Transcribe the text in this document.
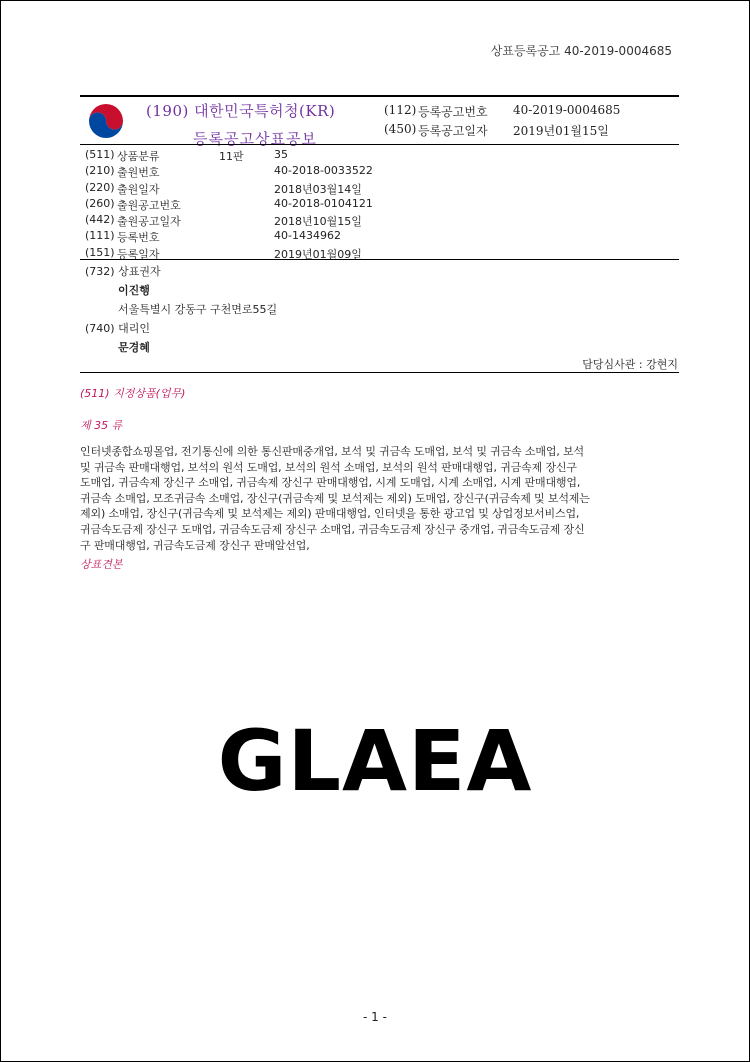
상표등록공고 40-2019-0004685
(190) 대한민국특허청(KR)
등록공고상표공보
(112) 등록공고번호	40-2019-0004685
(450) 등록공고일자	2019년01월15일
(511) 상품분류	11판	35
(210) 출원번호	40-2018-0033522
(220) 출원일자	2018년03월14일
(260) 출원공고번호	40-2018-0104121
(442) 출원공고일자	2018년10월15일
(111) 등록번호	40-1434962
(151) 등록일자	2019년01월09일
(732) 상표권자
이진행
서울특별시 강동구 구천면로55길
(740) 대리인
문경혜
담당심사관 : 강현지
(511) 지정상품(업무)
제 35 류
인터넷종합쇼핑몰업, 전기통신에 의한 통신판매중개업, 보석 및 귀금속 도매업, 보석 및 귀금속 소매업, 보석
및 귀금속 판매대행업, 보석의 원석 도매업, 보석의 원석 소매업, 보석의 원석 판매대행업, 귀금속제 장신구
도매업, 귀금속제 장신구 소매업, 귀금속제 장신구 판매대행업, 시계 도매업, 시계 소매업, 시계 판매대행업,
귀금속 소매업, 모조귀금속 소매업, 장신구(귀금속제 및 보석제는 제외) 도매업, 장신구(귀금속제 및 보석제는
제외) 소매업, 장신구(귀금속제 및 보석제는 제외) 판매대행업, 인터넷을 통한 광고업 및 상업정보서비스업,
귀금속도금제 장신구 도매업, 귀금속도금제 장신구 소매업, 귀금속도금제 장신구 중개업, 귀금속도금제 장신
구 판매대행업, 귀금속도금제 장신구 판매알선업,
상표견본
GLAEA
- 1 -
